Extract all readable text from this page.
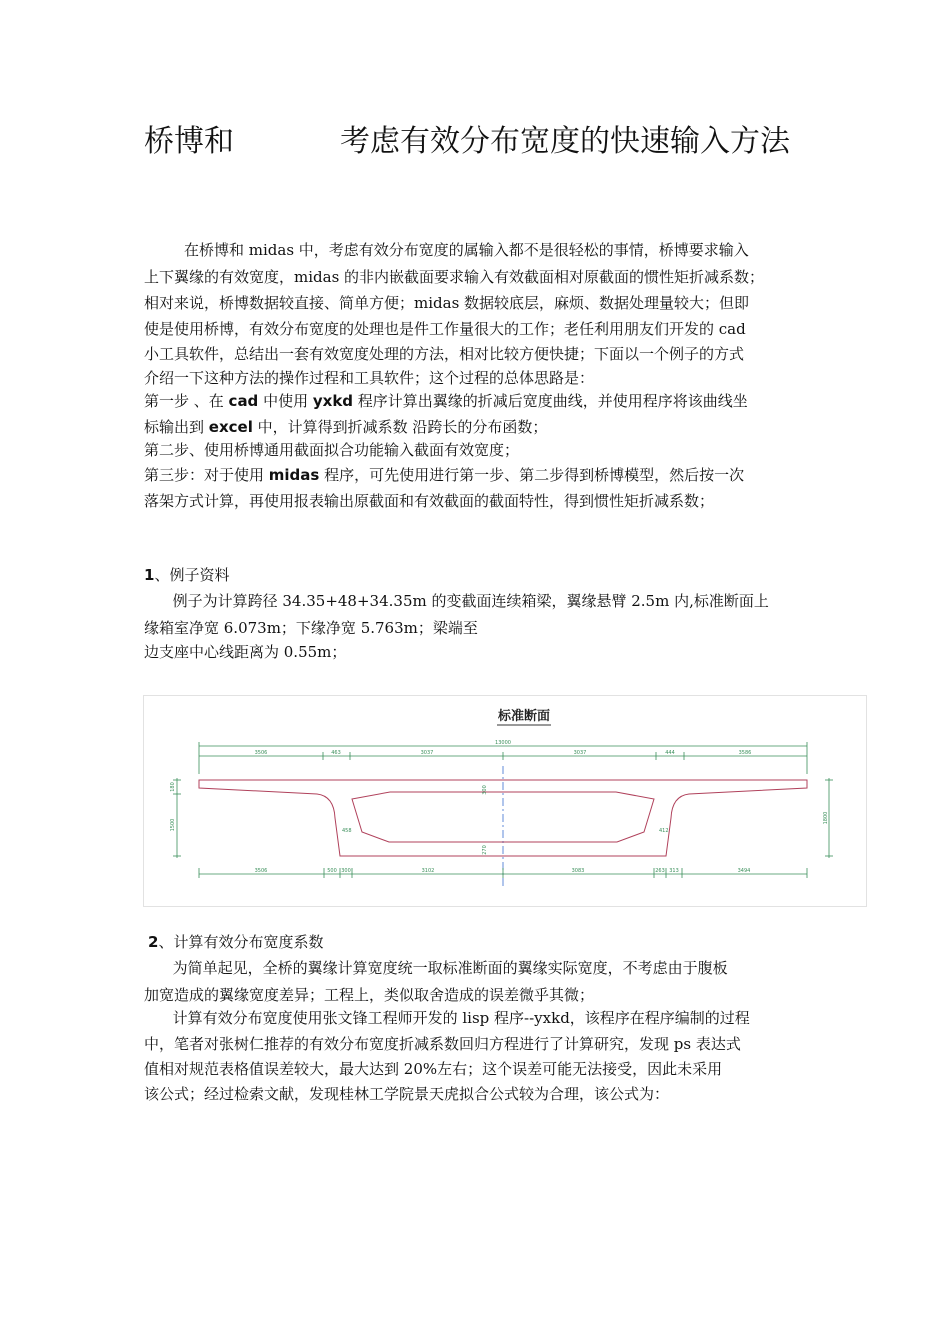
桥博和	考虑有效分布宽度的快速输入方法
在桥博和 midas 中，考虑有效分布宽度的属输入都不是很轻松的事情，桥博要求输入
上下翼缘的有效宽度，midas 的非内嵌截面要求输入有效截面相对原截面的惯性矩折减系数；
相对来说，桥博数据较直接、简单方便；midas 数据较底层，麻烦、数据处理量较大；但即
使是使用桥博，有效分布宽度的处理也是件工作量很大的工作；老任利用朋友们开发的 cad
小工具软件，总结出一套有效宽度处理的方法，相对比较方便快捷；下面以一个例子的方式
介绍一下这种方法的操作过程和工具软件；这个过程的总体思路是：
第一步 、在 cad 中使用 yxkd 程序计算出翼缘的折减后宽度曲线，并使用程序将该曲线坐
标输出到 excel 中，计算得到折减系数 沿跨长的分布函数；
第二步、使用桥博通用截面拟合功能输入截面有效宽度；
第三步：对于使用 midas 程序，可先使用进行第一步、第二步得到桥博模型，然后按一次
落架方式计算，再使用报表输出原截面和有效截面的截面特性，得到惯性矩折减系数；
1、例子资料
例子为计算跨径 34.35+48+34.35m 的变截面连续箱梁，翼缘悬臂 2.5m 内,标准断面上
缘箱室净宽 6.073m；下缘净宽 5.763m；梁端至
边支座中心线距离为 0.55m；
标准断面
13000
3506	463	3037	3037	444	3586
180
1500
1800
300
270
458	412
3506	500 300	3102	3083	263 313	3494
2、计算有效分布宽度系数
为简单起见，全桥的翼缘计算宽度统一取标准断面的翼缘实际宽度，不考虑由于腹板
加宽造成的翼缘宽度差异；工程上，类似取舍造成的误差微乎其微；
计算有效分布宽度使用张文锋工程师开发的 lisp 程序--yxkd，该程序在程序编制的过程
中，笔者对张树仁推荐的有效分布宽度折减系数回归方程进行了计算研究，发现 ps 表达式
值相对规范表格值误差较大，最大达到 20%左右；这个误差可能无法接受，因此未采用
该公式；经过检索文献，发现桂林工学院景天虎拟合公式较为合理，该公式为：
